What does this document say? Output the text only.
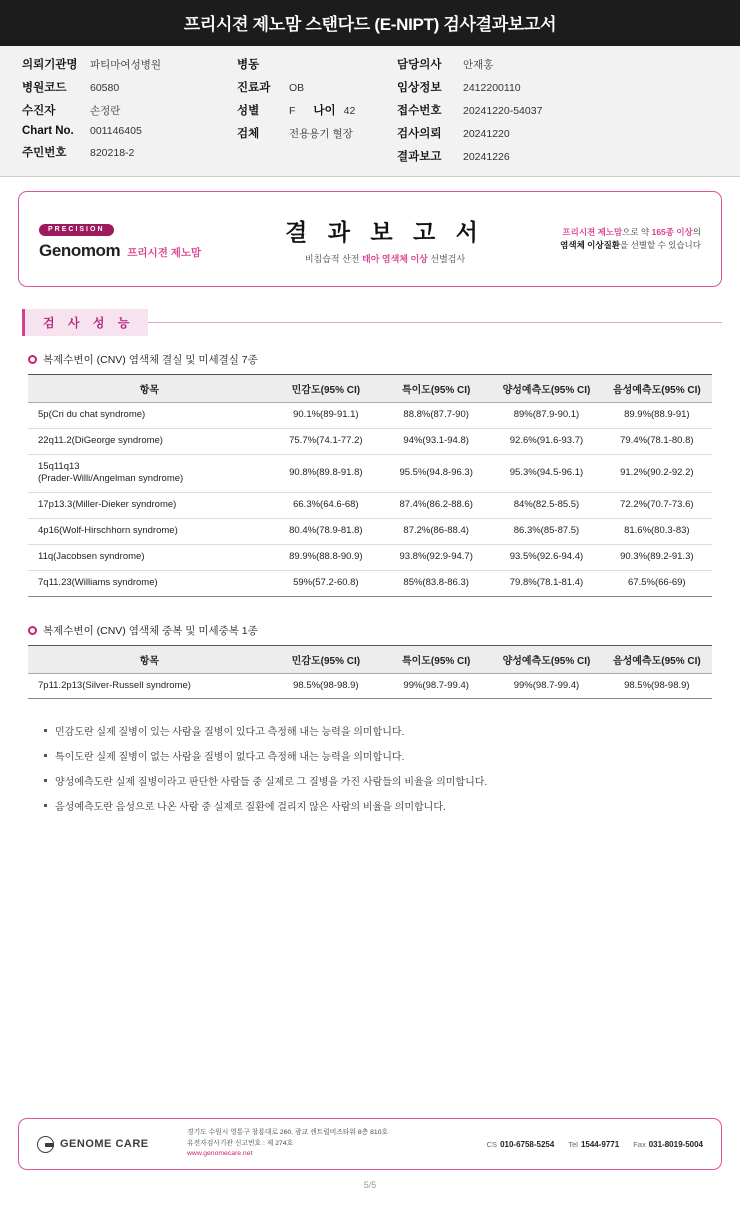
프리시젼 제노맘 스탠다드 (E-NIPT) 검사결과보고서
의뢰기관명	파티마여성병원
병원코드	60580
수진자	손정란
Chart No.	001146405
주민번호	820218-2
병동
진료과	OB
성별	F 나이 42
검체	전용용기 혈장
담당의사	안재홍
임상정보	2412200110
접수번호	20241220-54037
검사의뢰	20241220
결과보고	20241226
PRECISION
Genomom 프리시젼 제노맘
결 과 보 고 서
비침습적 산전 태아 염색체 이상 선별검사
프리시젼 제노맘으로 약 165종 이상의
염색체 이상질환을 선별할 수 있습니다
검 사 성 능
복제수변이 (CNV) 염색체 결실 및 미세결실 7종
항목	민감도(95% CI)	특이도(95% CI)	양성예측도(95% CI)	음성예측도(95% CI)
5p(Cri du chat syndrome)	90.1%(89-91.1)	88.8%(87.7-90)	89%(87.9-90.1)	89.9%(88.9-91)
22q11.2(DiGeorge syndrome)	75.7%(74.1-77.2)	94%(93.1-94.8)	92.6%(91.6-93.7)	79.4%(78.1-80.8)
15q11q13
(Prader-Willi/Angelman syndrome)	90.8%(89.8-91.8)	95.5%(94.8-96.3)	95.3%(94.5-96.1)	91.2%(90.2-92.2)
17p13.3(Miller-Dieker syndrome)	66.3%(64.6-68)	87.4%(86.2-88.6)	84%(82.5-85.5)	72.2%(70.7-73.6)
4p16(Wolf-Hirschhorn syndrome)	80.4%(78.9-81.8)	87.2%(86-88.4)	86.3%(85-87.5)	81.6%(80.3-83)
11q(Jacobsen syndrome)	89.9%(88.8-90.9)	93.8%(92.9-94.7)	93.5%(92.6-94.4)	90.3%(89.2-91.3)
7q11.23(Williams syndrome)	59%(57.2-60.8)	85%(83.8-86.3)	79.8%(78.1-81.4)	67.5%(66-69)
복제수변이 (CNV) 염색체 중복 및 미세중복 1종
항목	민감도(95% CI)	특이도(95% CI)	양성예측도(95% CI)	음성예측도(95% CI)
7p11.2p13(Silver-Russell syndrome)	98.5%(98-98.9)	99%(98.7-99.4)	99%(98.7-99.4)	98.5%(98-98.9)
민감도란 실제 질병이 있는 사람을 질병이 있다고 측정해 내는 능력을 의미합니다.
특이도란 실제 질병이 없는 사람을 질병이 없다고 측정해 내는 능력을 의미합니다.
양성예측도란 실제 질병이라고 판단한 사람들 중 실제로 그 질병을 가진 사람들의 비율을 의미합니다.
음성예측도란 음성으로 나온 사람 중 실제로 질환에 걸리지 않은 사람의 비율을 의미합니다.
GENOME CARE
경기도 수원시 영통구 창룡대로 260, 광교 센트럴비즈타워 8층 810호
유전자검사기관 신고번호 : 제 274호
www.genomecare.net
CS 010-6758-5254 Tel 1544-9771 Fax 031-8019-5004
5/5
